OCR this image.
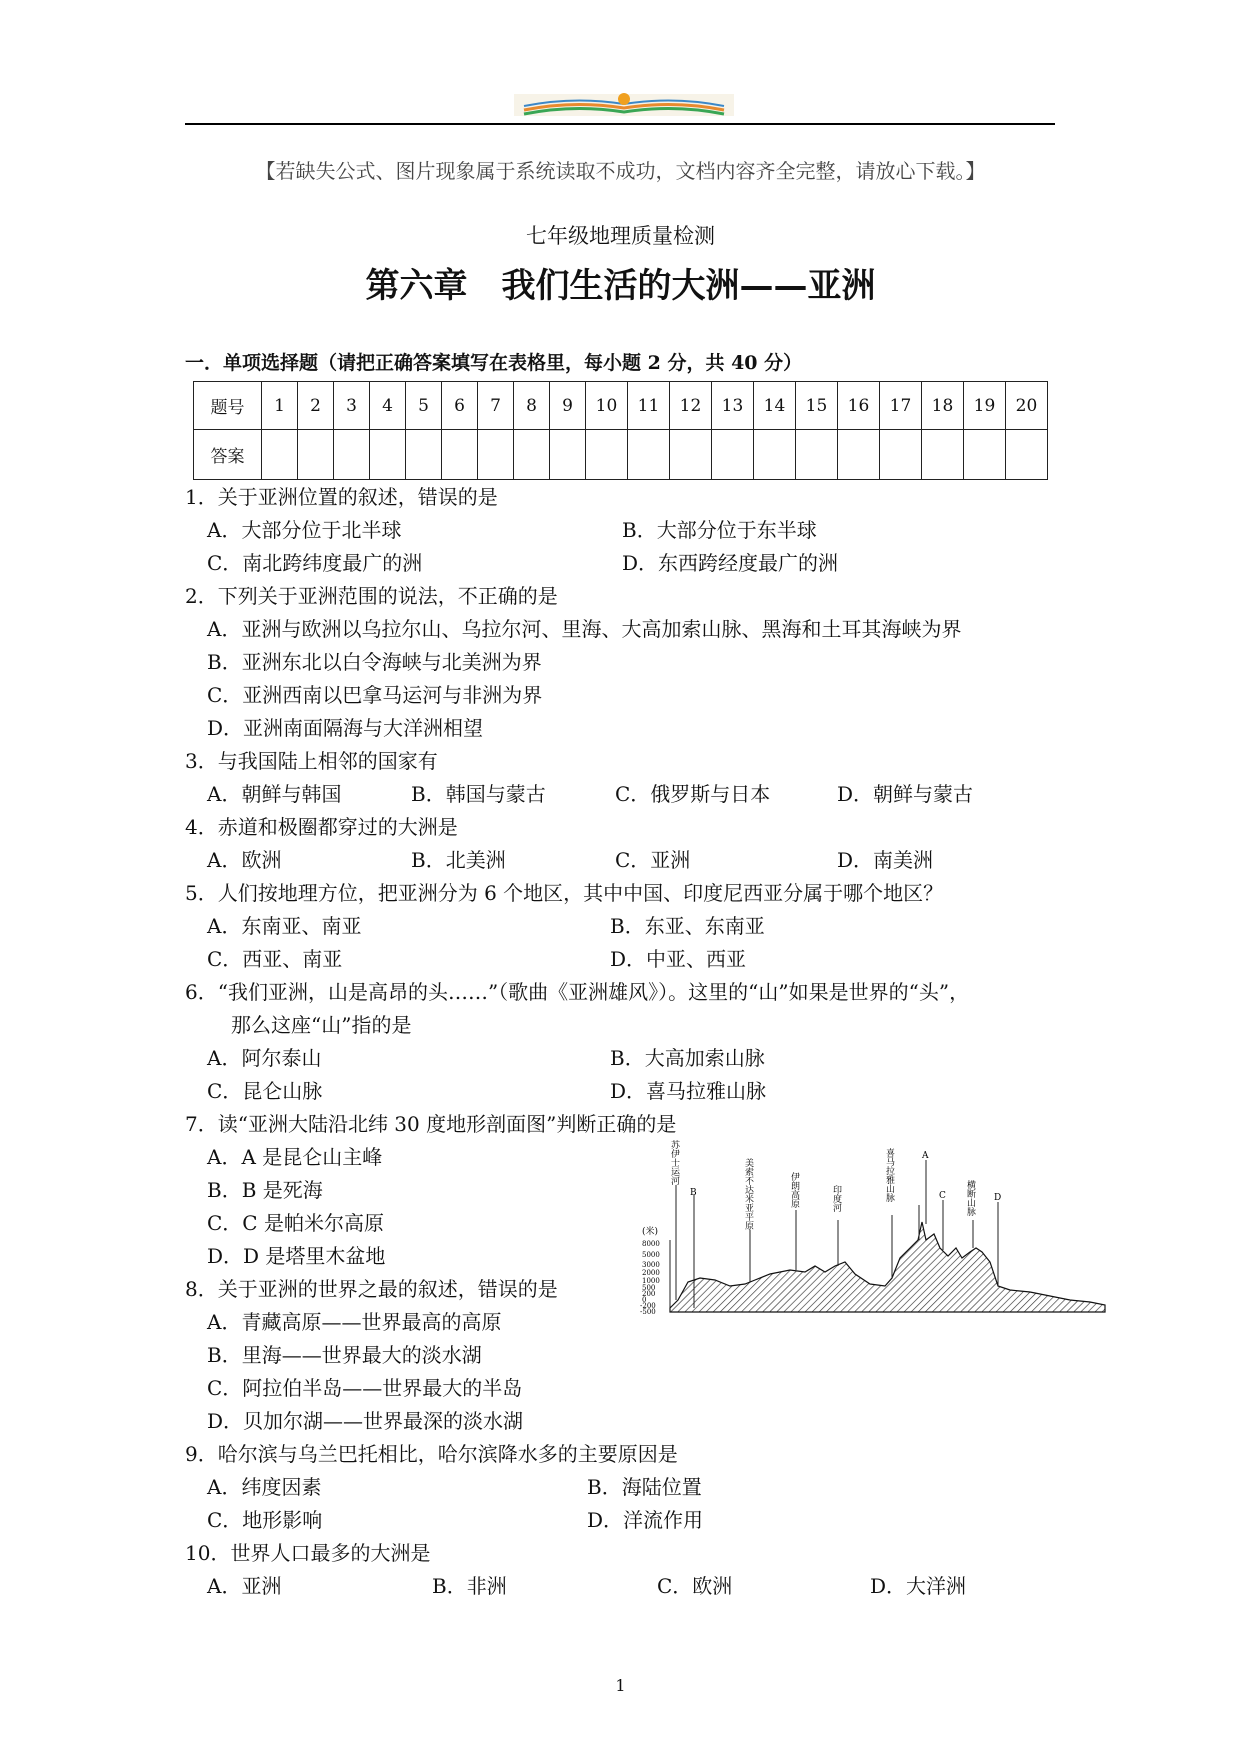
【若缺失公式、图片现象属于系统读取不成功，文档内容齐全完整，请放心下载。】
七年级地理质量检测
第六章　我们生活的大洲——亚洲
一．单项选择题（请把正确答案填写在表格里，每小题 2 分，共 40 分）
题号	1	2	3	4	5	6	7	8	9	10	11	12	13	14	15	16	17	18	19	20
答案																				
1．关于亚洲位置的叙述，错误的是
A．大部分位于北半球	B．大部分位于东半球
C．南北跨纬度最广的洲	D．东西跨经度最广的洲
2．下列关于亚洲范围的说法，不正确的是
A．亚洲与欧洲以乌拉尔山、乌拉尔河、里海、大高加索山脉、黑海和土耳其海峡为界
B．亚洲东北以白令海峡与北美洲为界
C．亚洲西南以巴拿马运河与非洲为界
D．亚洲南面隔海与大洋洲相望
3．与我国陆上相邻的国家有
A．朝鲜与韩国	B．韩国与蒙古	C．俄罗斯与日本	D．朝鲜与蒙古
4．赤道和极圈都穿过的大洲是
A．欧洲	B．北美洲	C．亚洲	D．南美洲
5．人们按地理方位，把亚洲分为 6 个地区，其中中国、印度尼西亚分属于哪个地区？
A．东南亚、南亚	B．东亚、东南亚
C．西亚、南亚	D．中亚、西亚
6．“我们亚洲，山是高昂的头……”（歌曲《亚洲雄风》）。这里的“山”如果是世界的“头”，
那么这座“山”指的是
A．阿尔泰山	B．大高加索山脉
C．昆仑山脉	D．喜马拉雅山脉
7．读“亚洲大陆沿北纬 30 度地形剖面图”判断正确的是
A．A 是昆仑山主峰
B．B 是死海
C．C 是帕米尔高原
D．D 是塔里木盆地
8．关于亚洲的世界之最的叙述，错误的是
A．青藏高原——世界最高的高原
B．里海——世界最大的淡水湖
C．阿拉伯半岛——世界最大的半岛
D．贝加尔湖——世界最深的淡水湖
9．哈尔滨与乌兰巴托相比，哈尔滨降水多的主要原因是
A．纬度因素	B．海陆位置
C．地形影响	D．洋流作用
10．世界人口最多的大洲是
A．亚洲	B．非洲	C．欧洲	D．大洋洲
(米)
8000
5000
3000
2000
1000
500
200
0
-200
-500
苏伊士运河
B	美索不达米亚平原	伊朗高原	印度河	喜马拉雅山脉	A
C 横断山脉 D
1
